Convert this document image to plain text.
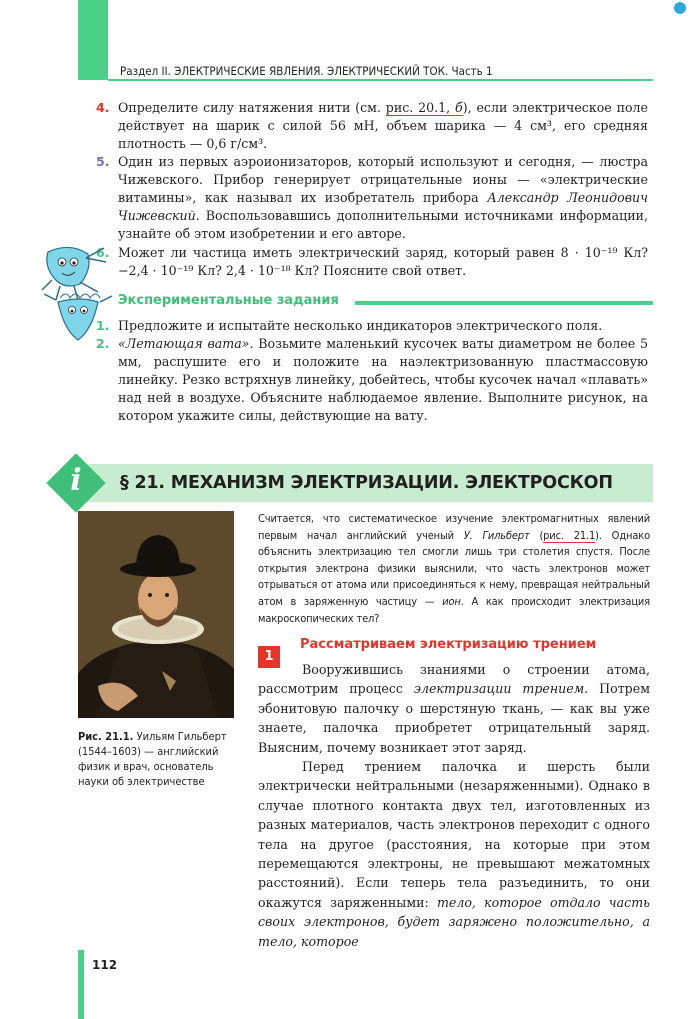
Раздел II. ЭЛЕКТРИЧЕСКИЕ ЯВЛЕНИЯ. ЭЛЕКТРИЧЕСКИЙ ТОК. Часть 1
4. Определите силу натяжения нити (см. рис. 20.1, б), если электрическое поле действует на шарик с силой 56 мН, объем шарика — 4 см³, его средняя плотность — 0,6 г/см³.
5. Один из первых аэроионизаторов, который используют и сегодня, — люстра Чижевского. Прибор генерирует отрицательные ионы — «электрические витамины», как называл их изобретатель прибора Александр Леонидович Чижевский. Воспользовавшись дополнительными источниками информации, узнайте об этом изобретении и его авторе.
6. Может ли частица иметь электрический заряд, который равен 8 · 10⁻¹⁹ Кл? −2,4 · 10⁻¹⁹ Кл? 2,4 · 10⁻¹⁸ Кл? Поясните свой ответ.
Экспериментальные задания
1. Предложите и испытайте несколько индикаторов электрического поля.
2. «Летающая вата». Возьмите маленький кусочек ваты диаметром не более 5 мм, распушите его и положите на наэлектризованную пластмассовую линейку. Резко встряхнув линейку, добейтесь, чтобы кусочек начал «плавать» над ней в воздухе. Объясните наблюдаемое явление. Выполните рисунок, на котором укажите силы, действующие на вату.
i	§ 21. МЕХАНИЗМ ЭЛЕКТРИЗАЦИИ. ЭЛЕКТРОСКОП
Рис. 21.1. Уильям Гильберт (1544–1603) — английский физик и врач, основатель науки об электричестве
Считается, что систематическое изучение электромагнитных явлений первым начал английский ученый У. Гильберт (рис. 21.1). Однако объяснить электризацию тел смогли лишь три столетия спустя. После открытия электрона физики выяснили, что часть электронов может отрываться от атома или присоединяться к нему, превращая нейтральный атом в заряженную частицу — ион. А как происходит электризация макроскопических тел?
1
Рассматриваем электризацию трением

Вооружившись знаниями о строении атома, рассмотрим процесс электризации трением. Потрем эбонитовую палочку о шерстяную ткань, — как вы уже знаете, палочка приобретет отрицательный заряд. Выясним, почему возникает этот заряд.

Перед трением палочка и шерсть были электрически нейтральными (незаряженными). Однако в случае плотного контакта двух тел, изготовленных из разных материалов, часть электронов переходит с одного тела на другое (расстояния, на которые при этом перемещаются электроны, не превышают межатомных расстояний). Если теперь тела разъединить, то они окажутся заряженными: тело, которое отдало часть своих электронов, будет заряжено положительно, а тело, которое

112
